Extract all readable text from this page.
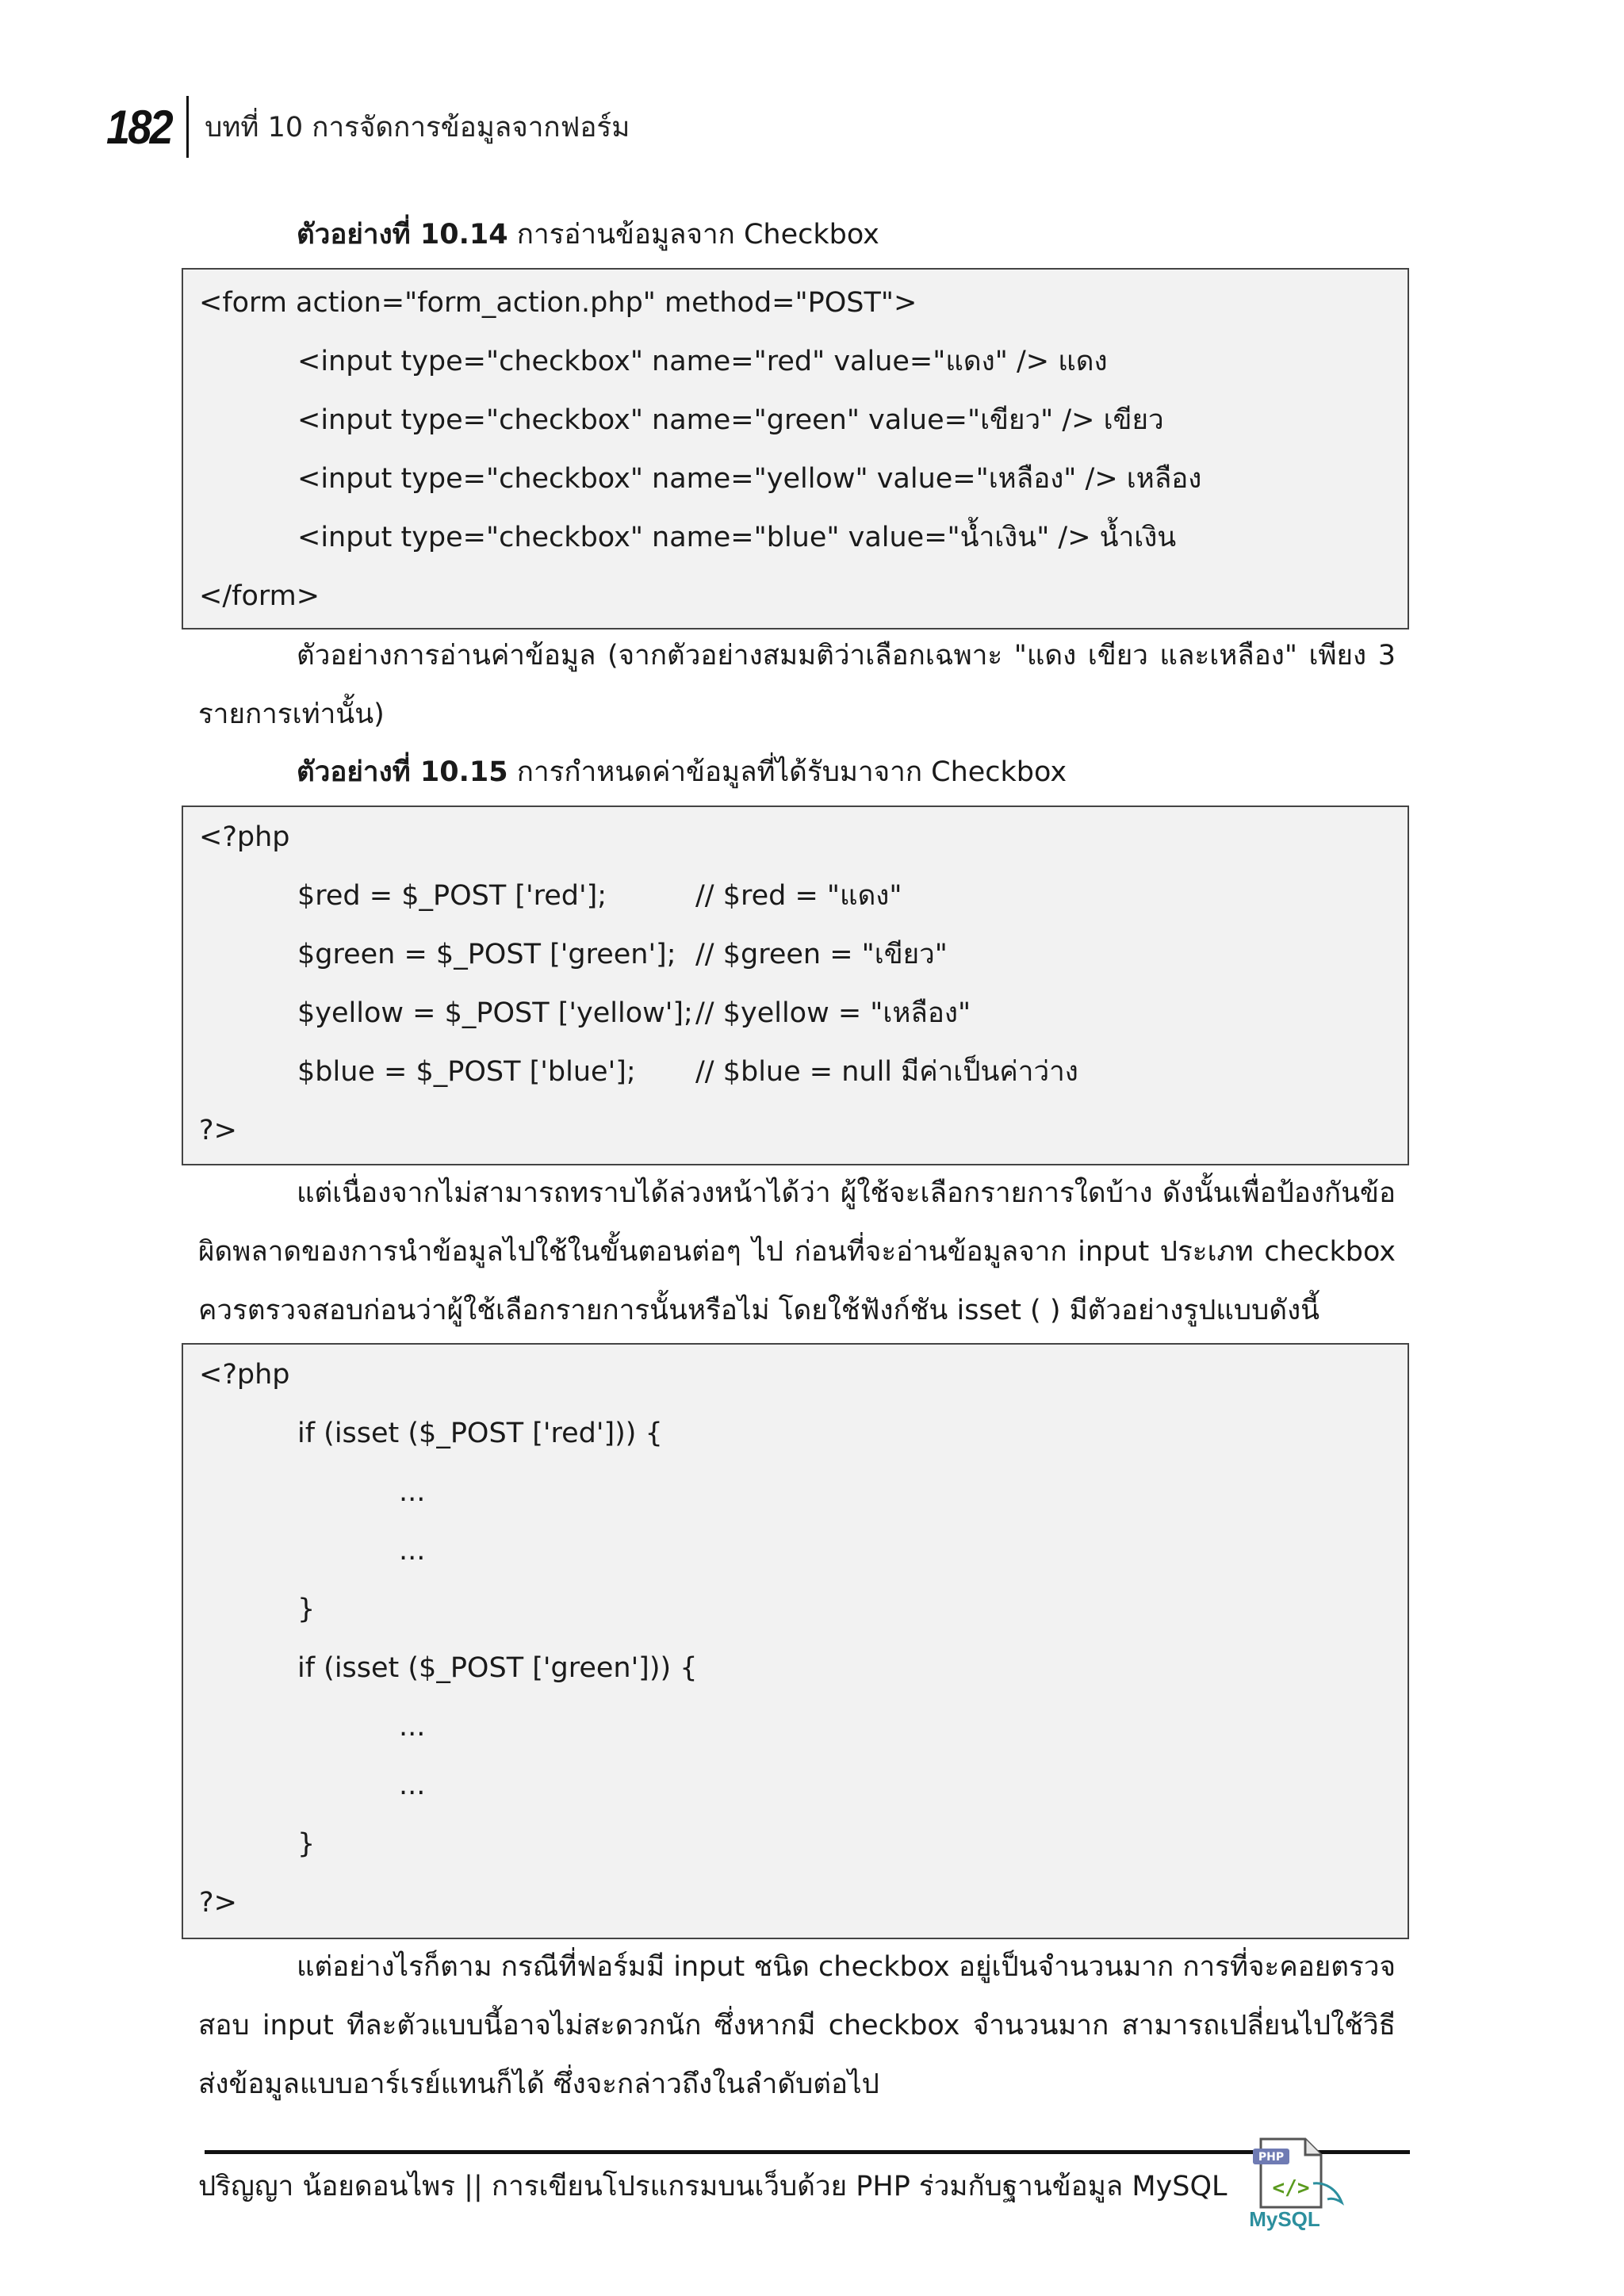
182 บทที่ 10 การจัดการข้อมูลจากฟอร์ม
ตัวอย่างที่ 10.14 การอ่านข้อมูลจาก Checkbox
<form action="form_action.php" method="POST">
<input type="checkbox" name="red" value="แดง" /> แดง
<input type="checkbox" name="green" value="เขียว" /> เขียว
<input type="checkbox" name="yellow" value="เหลือง" /> เหลือง
<input type="checkbox" name="blue" value="น้ำเงิน" /> น้ำเงิน
</form>
ตัวอย่างการอ่านค่าข้อมูล (จากตัวอย่างสมมติว่าเลือกเฉพาะ "แดง เขียว และเหลือง" เพียง 3 รายการเท่านั้น)
ตัวอย่างที่ 10.15 การกำหนดค่าข้อมูลที่ได้รับมาจาก Checkbox
<?php
$red = $_POST ['red'];	// $red = "แดง"
$green = $_POST ['green']; // $green = "เขียว"
$yellow = $_POST ['yellow']; // $yellow = "เหลือง"
$blue = $_POST ['blue']; // $blue = null มีค่าเป็นค่าว่าง
?>
แต่เนื่องจากไม่สามารถทราบได้ล่วงหน้าได้ว่า ผู้ใช้จะเลือกรายการใดบ้าง ดังนั้นเพื่อป้องกันข้อผิดพลาดของการนำข้อมูลไปใช้ในขั้นตอนต่อๆ ไป ก่อนที่จะอ่านข้อมูลจาก input ประเภท checkbox ควรตรวจสอบก่อนว่าผู้ใช้เลือกรายการนั้นหรือไม่ โดยใช้ฟังก์ชัน isset ( ) มีตัวอย่างรูปแบบดังนี้
<?php
if (isset ($_POST ['red'])) {
...
...
}
if (isset ($_POST ['green'])) {
...
...
}
?>
แต่อย่างไรก็ตาม กรณีที่ฟอร์มมี input ชนิด checkbox อยู่เป็นจำนวนมาก การที่จะคอยตรวจสอบ input ทีละตัวแบบนี้อาจไม่สะดวกนัก ซึ่งหากมี checkbox จำนวนมาก สามารถเปลี่ยนไปใช้วิธีส่งข้อมูลแบบอาร์เรย์แทนก็ได้ ซึ่งจะกล่าวถึงในลำดับต่อไป
ปริญญา น้อยดอนไพร || การเขียนโปรแกรมบนเว็บด้วย PHP ร่วมกับฐานข้อมูล MySQL
PHP
</>
MySQL
